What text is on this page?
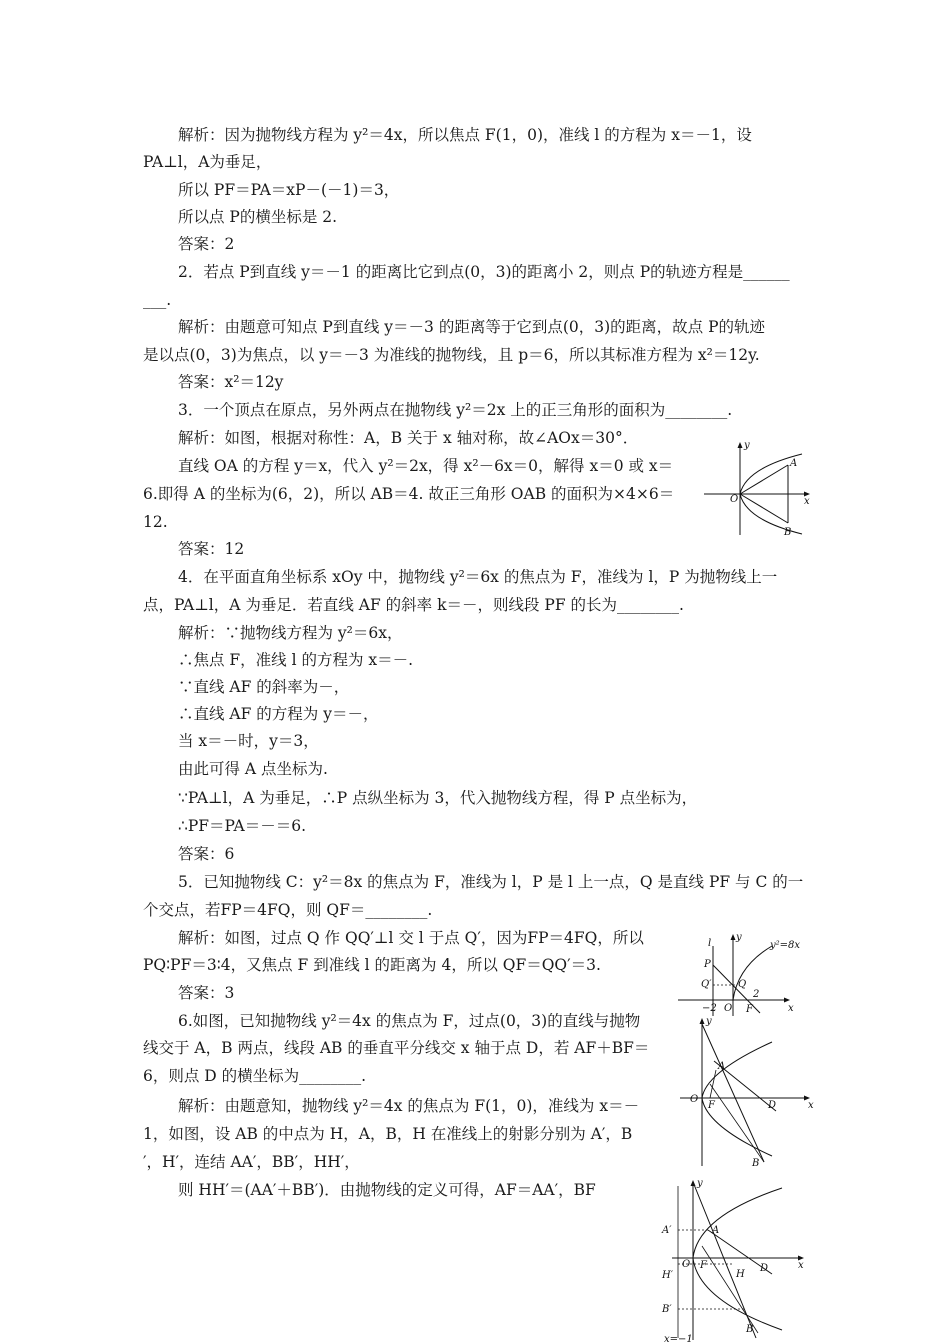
解析：因为抛物线方程为 y²＝4x，所以焦点 F(1，0)，准线 l 的方程为 x＝－1，设
PA⊥l，A为垂足，
所以 PF＝PA＝xP－(－1)＝3，
所以点 P的横坐标是 2.
答案：2
2．若点 P到直线 y＝－1 的距离比它到点(0，3)的距离小 2，则点 P的轨迹方程是______
___.
解析：由题意可知点 P到直线 y＝－3 的距离等于它到点(0，3)的距离，故点 P的轨迹
是以点(0，3)为焦点，以 y＝－3 为准线的抛物线，且 p＝6，所以其标准方程为 x²＝12y.
答案：x²＝12y
3．一个顶点在原点，另外两点在抛物线 y²＝2x 上的正三角形的面积为________.
解析：如图，根据对称性：A，B 关于 x 轴对称，故∠AOx＝30°．
直线 OA 的方程 y＝x，代入 y²＝2x，得 x²－6x＝0，解得 x＝0 或 x＝
6.即得 A 的坐标为(6，2)，所以 AB＝4. 故正三角形 OAB 的面积为×4×6＝
12.
答案：12
4．在平面直角坐标系 xOy 中，抛物线 y²＝6x 的焦点为 F，准线为 l，P 为抛物线上一
点，PA⊥l，A 为垂足．若直线 AF 的斜率 k＝－，则线段 PF 的长为________.
解析：∵抛物线方程为 y²＝6x，
∴焦点 F，准线 l 的方程为 x＝－.
∵直线 AF 的斜率为－，
∴直线 AF 的方程为 y＝－，
当 x＝－时，y＝3，
由此可得 A 点坐标为.
∵PA⊥l，A 为垂足，∴P 点纵坐标为 3，代入抛物线方程，得 P 点坐标为，
∴PF＝PA＝－＝6.
答案：6
5．已知抛物线 C：y²＝8x 的焦点为 F，准线为 l，P 是 l 上一点，Q 是直线 PF 与 C 的一
个交点，若FP＝4FQ，则 QF＝________.
解析：如图，过点 Q 作 QQ′⊥l 交 l 于点 Q′，因为FP＝4FQ，所以
PQ∶PF＝3∶4，又焦点 F 到准线 l 的距离为 4，所以 QF＝QQ′＝3.
答案：3
6.如图，已知抛物线 y²＝4x 的焦点为 F，过点(0，3)的直线与抛物
线交于 A，B 两点，线段 AB 的垂直平分线交 x 轴于点 D，若 AF＋BF＝
6，则点 D 的横坐标为________.
解析：由题意知，抛物线 y²＝4x 的焦点为 F(1，0)，准线为 x＝－
1，如图，设 AB 的中点为 H，A，B，H 在准线上的射影分别为 A′，B
′，H′，连结 AA′，BB′，HH′，
则 HH′＝(AA′＋BB′)．由抛物线的定义可得，AF＝AA′，BF
y
x
O
A
B
l
y
y²=8x
P
Q′	Q
−2 O F
2
x
y
A
O
F	D	x
B
y
A′	A
O F
H′	H
D	x
B′
B
x=−1
